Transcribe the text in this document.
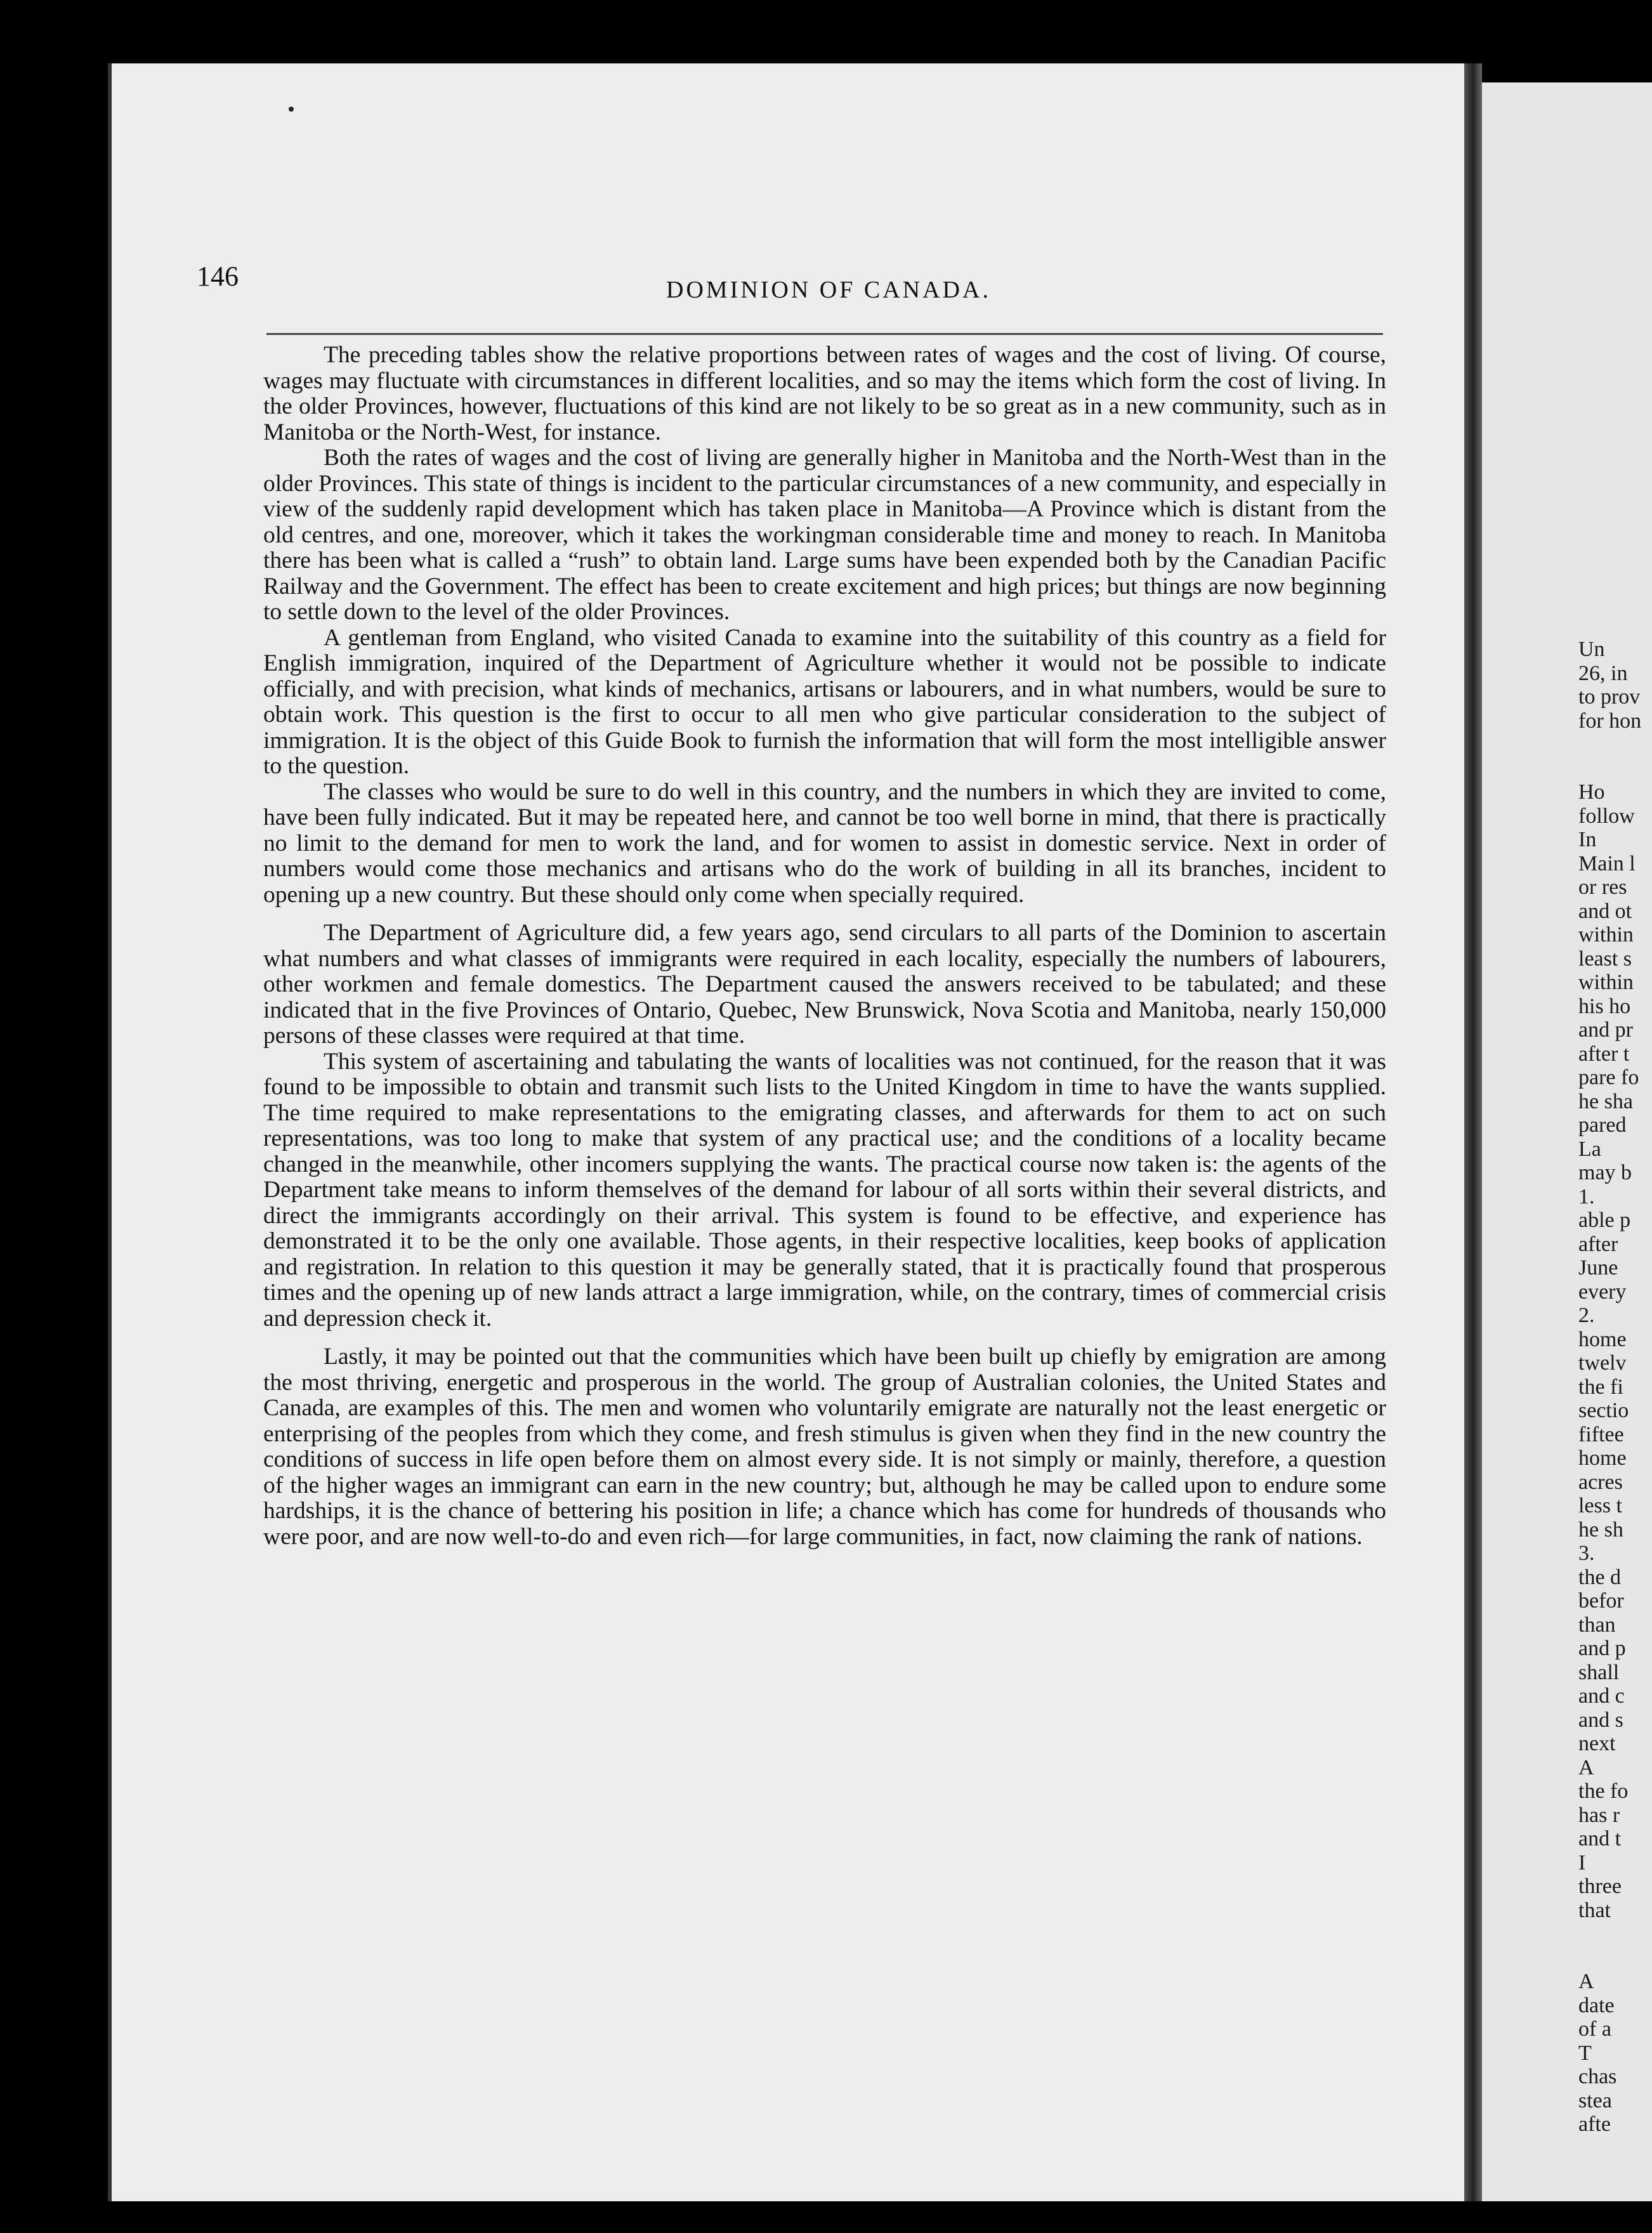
146	DOMINION OF CANADA.

The preceding tables show the relative proportions between rates of wages and the cost of living. Of course, wages may fluctuate with circumstances in different localities, and so may the items which form the cost of living. In the older Provinces, however, fluctuations of this kind are not likely to be so great as in a new community, such as in Manitoba or the North-West, for instance.

Both the rates of wages and the cost of living are generally higher in Manitoba and the North-West than in the older Provinces. This state of things is incident to the particular circumstances of a new community, and especially in view of the suddenly rapid development which has taken place in Manitoba—A Province which is distant from the old centres, and one, moreover, which it takes the workingman considerable time and money to reach. In Manitoba there has been what is called a “rush” to obtain land. Large sums have been expended both by the Canadian Pacific Railway and the Government. The effect has been to create excitement and high prices; but things are now beginning to settle down to the level of the older Provinces.

A gentleman from England, who visited Canada to examine into the suitability of this country as a field for English immigration, inquired of the Department of Agriculture whether it would not be possible to indicate officially, and with precision, what kinds of mechanics, artisans or labourers, and in what numbers, would be sure to obtain work. This question is the first to occur to all men who give particular consideration to the subject of immigration. It is the object of this Guide Book to furnish the information that will form the most intelligible answer to the question.

The classes who would be sure to do well in this country, and the numbers in which they are invited to come, have been fully indicated. But it may be repeated here, and cannot be too well borne in mind, that there is practically no limit to the demand for men to work the land, and for women to assist in domestic service. Next in order of numbers would come those mechanics and artisans who do the work of building in all its branches, incident to opening up a new country. But these should only come when specially required.

The Department of Agriculture did, a few years ago, send circulars to all parts of the Dominion to ascertain what numbers and what classes of immigrants were required in each locality, especially the numbers of labourers, other workmen and female domestics. The Department caused the answers received to be tabulated; and these indicated that in the five Provinces of Ontario, Quebec, New Brunswick, Nova Scotia and Manitoba, nearly 150,000 persons of these classes were required at that time.

This system of ascertaining and tabulating the wants of localities was not continued, for the reason that it was found to be impossible to obtain and transmit such lists to the United Kingdom in time to have the wants supplied. The time required to make representations to the emigrating classes, and afterwards for them to act on such representations, was too long to make that system of any practical use; and the conditions of a locality became changed in the meanwhile, other incomers supplying the wants. The practical course now taken is: the agents of the Department take means to inform themselves of the demand for labour of all sorts within their several districts, and direct the immigrants accordingly on their arrival. This system is found to be effective, and experience has demonstrated it to be the only one available. Those agents, in their respective localities, keep books of application and registration. In relation to this question it may be generally stated, that it is practically found that prosperous times and the opening up of new lands attract a large immigration, while, on the contrary, times of commercial crisis and depression check it.

Lastly, it may be pointed out that the communities which have been built up chiefly by emigration are among the most thriving, energetic and prosperous in the world. The group of Australian colonies, the United States and Canada, are examples of this. The men and women who voluntarily emigrate are naturally not the least energetic or enterprising of the peoples from which they come, and fresh stimulus is given when they find in the new country the conditions of success in life open before them on almost every side. It is not simply or mainly, therefore, a question of the higher wages an immigrant can earn in the new country; but, although he may be called upon to endure some hardships, it is the chance of bettering his position in life; a chance which has come for hundreds of thousands who were poor, and are now well-to-do and even rich—for large communities, in fact, now claiming the rank of nations.

Un
26, in
to prov
for hon

Ho
follow
In
Main l
or res
and ot
within
least s
within
his ho
and pr
after t
pare fo
he sha
pared
La
may b
1.
able p
after
June
every
2.
home
twelv
the fi
sectio
fiftee
home
acres
less t
he sh
3.
the d
befor
than
and p
shall
and c
and s
next
A
the fo
has r
and t
I
three
that

A
date
of a
T
chas
stea
afte
